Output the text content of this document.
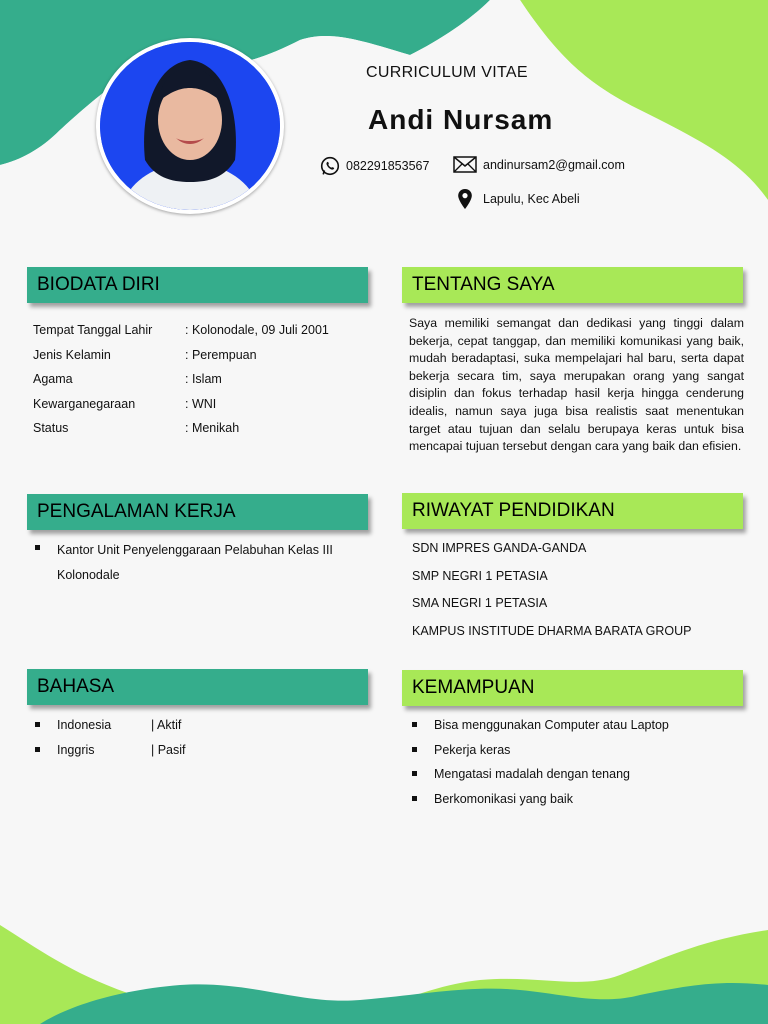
CURRICULUM VITAE
Andi Nursam
082291853567	andinursam2@gmail.com
Lapulu, Kec Abeli
BIODATA DIRI
Tempat Tanggal Lahir	: Kolonodale, 09 Juli 2001
Jenis Kelamin	: Perempuan
Agama	: Islam
Kewarganegaraan	: WNI
Status	: Menikah
TENTANG SAYA
Saya memiliki semangat dan dedikasi yang tinggi dalam bekerja, cepat tanggap, dan memiliki komunikasi yang baik, mudah beradaptasi, suka mempelajari hal baru, serta dapat bekerja secara tim, saya merupakan orang yang sangat disiplin dan fokus terhadap hasil kerja hingga cenderung idealis, namun saya juga bisa realistis saat menentukan target atau tujuan dan selalu berupaya keras untuk bisa mencapai tujuan tersebut dengan cara yang baik dan efisien.
PENGALAMAN KERJA
Kantor Unit Penyelenggaraan Pelabuhan Kelas III Kolonodale
RIWAYAT PENDIDIKAN
SDN IMPRES GANDA-GANDA
SMP NEGRI 1 PETASIA
SMA NEGRI 1 PETASIA
KAMPUS INSTITUDE DHARMA BARATA GROUP
BAHASA
Indonesia	| Aktif
Inggris	| Pasif
KEMAMPUAN
Bisa menggunakan Computer atau Laptop
Pekerja keras
Mengatasi madalah dengan tenang
Berkomonikasi yang baik
